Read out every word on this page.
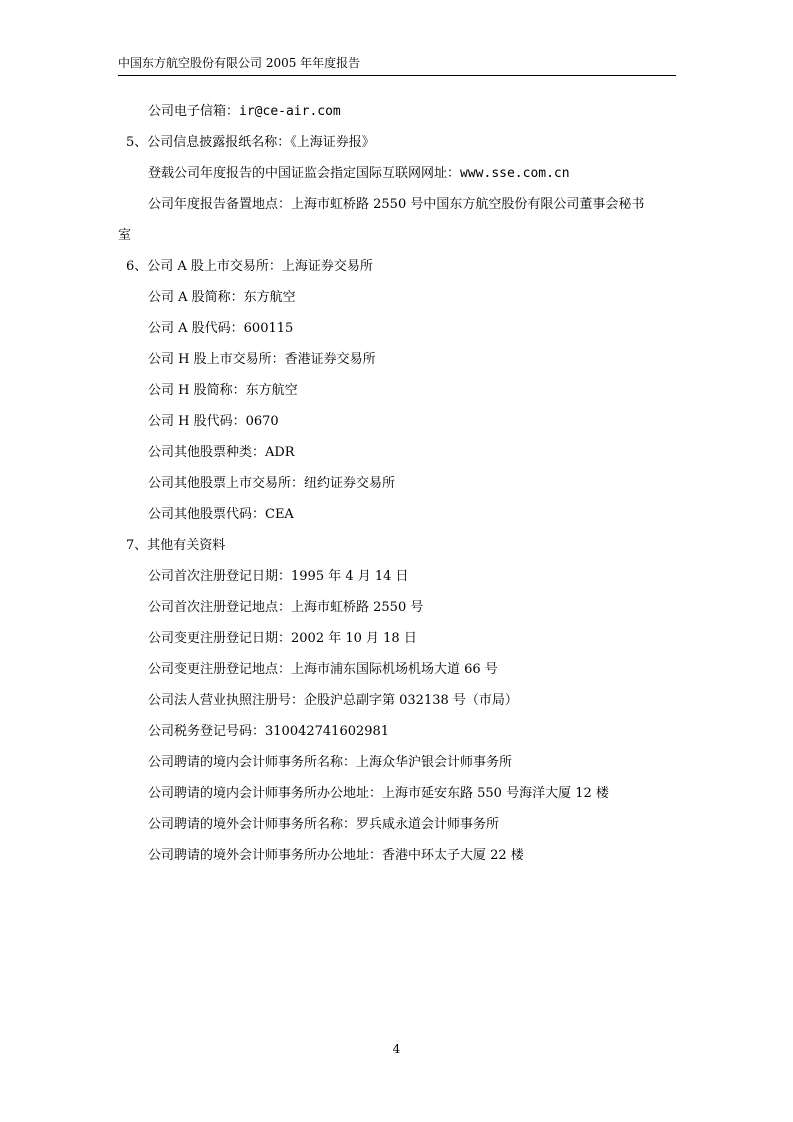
中国东方航空股份有限公司 2005 年年度报告
公司电子信箱：ir@ce-air.com
5、公司信息披露报纸名称：《上海证券报》
登载公司年度报告的中国证监会指定国际互联网网址：www.sse.com.cn
公司年度报告备置地点：上海市虹桥路 2550 号中国东方航空股份有限公司董事会秘书
室
6、公司 A 股上市交易所：上海证券交易所
公司 A 股简称：东方航空
公司 A 股代码：600115
公司 H 股上市交易所：香港证券交易所
公司 H 股简称：东方航空
公司 H 股代码：0670
公司其他股票种类：ADR
公司其他股票上市交易所：纽约证券交易所
公司其他股票代码：CEA
7、其他有关资料
公司首次注册登记日期：1995 年 4 月 14 日
公司首次注册登记地点：上海市虹桥路 2550 号
公司变更注册登记日期：2002 年 10 月 18 日
公司变更注册登记地点：上海市浦东国际机场机场大道 66 号
公司法人营业执照注册号：企股沪总副字第 032138 号（市局）
公司税务登记号码：310042741602981
公司聘请的境内会计师事务所名称：上海众华沪银会计师事务所
公司聘请的境内会计师事务所办公地址：上海市延安东路 550 号海洋大厦 12 楼
公司聘请的境外会计师事务所名称：罗兵咸永道会计师事务所
公司聘请的境外会计师事务所办公地址：香港中环太子大厦 22 楼
4
